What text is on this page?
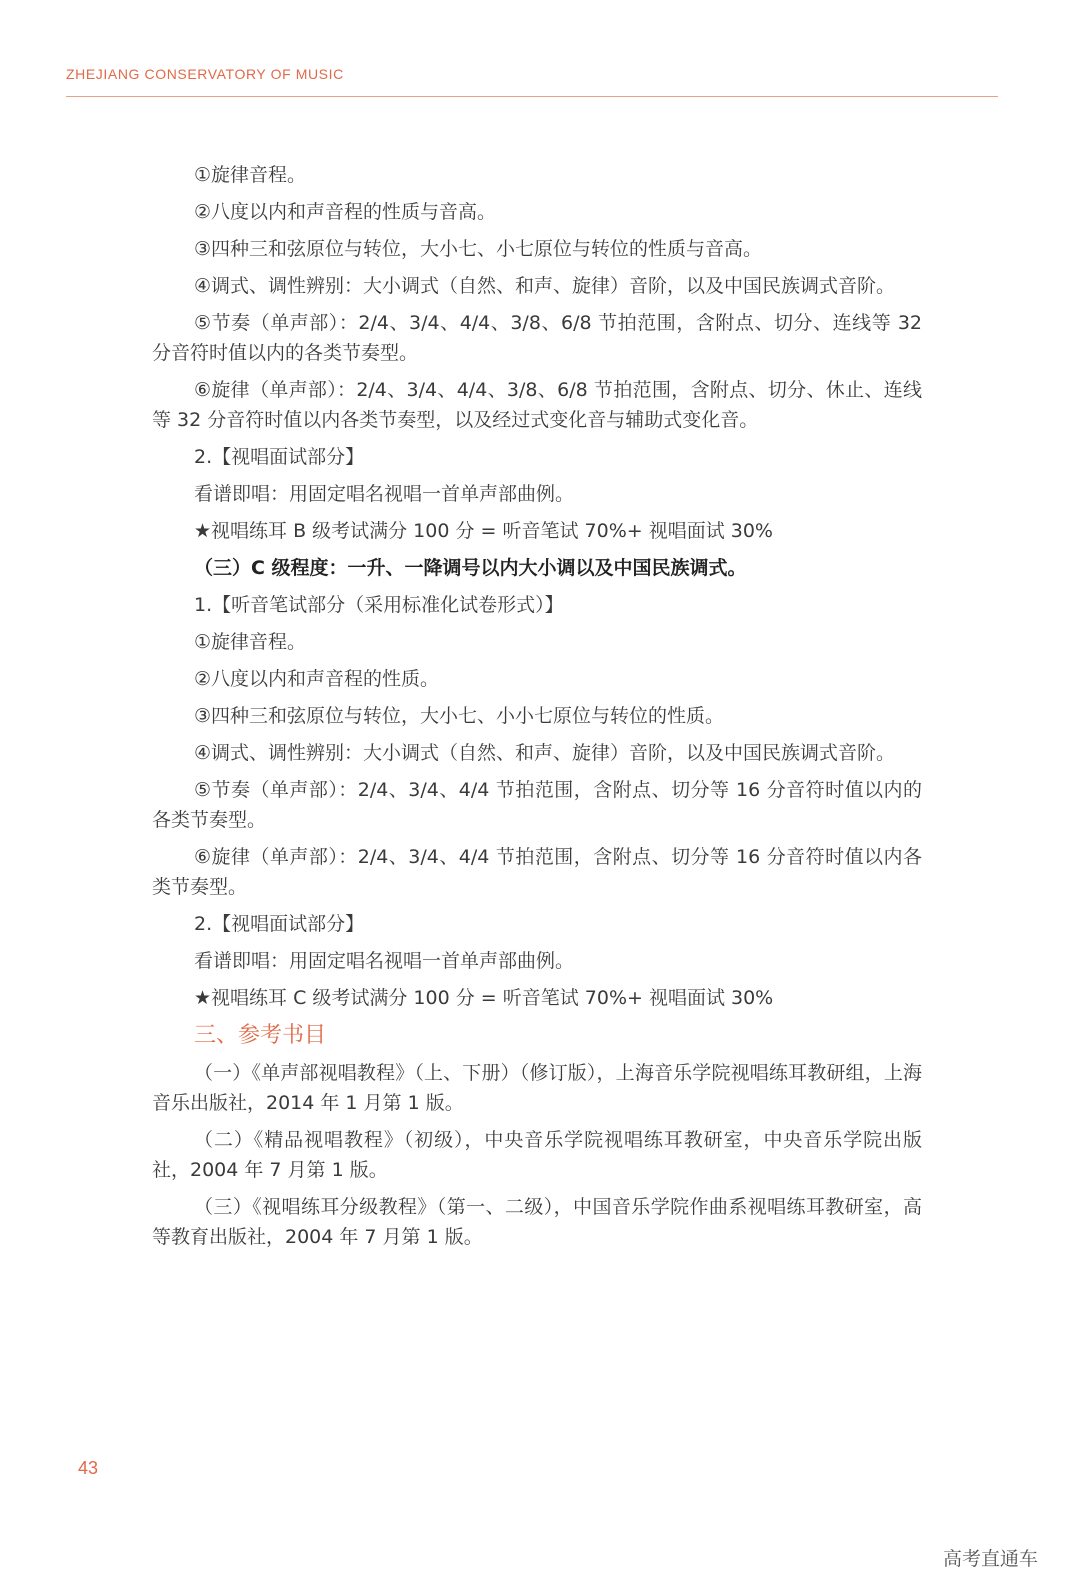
ZHEJIANG CONSERVATORY OF MUSIC

①旋律音程。

②八度以内和声音程的性质与音高。

③四种三和弦原位与转位，大小七、小七原位与转位的性质与音高。

④调式、调性辨别：大小调式（自然、和声、旋律）音阶，以及中国民族调式音阶。

⑤节奏（单声部）：2/4、3/4、4/4、3/8、6/8 节拍范围，含附点、切分、连线等 32 分音符时值以内的各类节奏型。

⑥旋律（单声部）：2/4、3/4、4/4、3/8、6/8 节拍范围，含附点、切分、休止、连线等 32 分音符时值以内各类节奏型，以及经过式变化音与辅助式变化音。

2.【视唱面试部分】

看谱即唱：用固定唱名视唱一首单声部曲例。

★视唱练耳 B 级考试满分 100 分 = 听音笔试 70%+ 视唱面试 30%

（三）C 级程度：一升、一降调号以内大小调以及中国民族调式。

1.【听音笔试部分（采用标准化试卷形式）】

①旋律音程。

②八度以内和声音程的性质。

③四种三和弦原位与转位，大小七、小小七原位与转位的性质。

④调式、调性辨别：大小调式（自然、和声、旋律）音阶，以及中国民族调式音阶。

⑤节奏（单声部）：2/4、3/4、4/4 节拍范围，含附点、切分等 16 分音符时值以内的各类节奏型。

⑥旋律（单声部）：2/4、3/4、4/4 节拍范围，含附点、切分等 16 分音符时值以内各类节奏型。

2.【视唱面试部分】

看谱即唱：用固定唱名视唱一首单声部曲例。

★视唱练耳 C 级考试满分 100 分 = 听音笔试 70%+ 视唱面试 30%

三、参考书目

（一）《单声部视唱教程》（上、下册）（修订版），上海音乐学院视唱练耳教研组，上海音乐出版社，2014 年 1 月第 1 版。

（二）《精品视唱教程》（初级），中央音乐学院视唱练耳教研室，中央音乐学院出版社，2004 年 7 月第 1 版。

（三）《视唱练耳分级教程》（第一、二级），中国音乐学院作曲系视唱练耳教研室，高等教育出版社，2004 年 7 月第 1 版。

43
高考直通车
